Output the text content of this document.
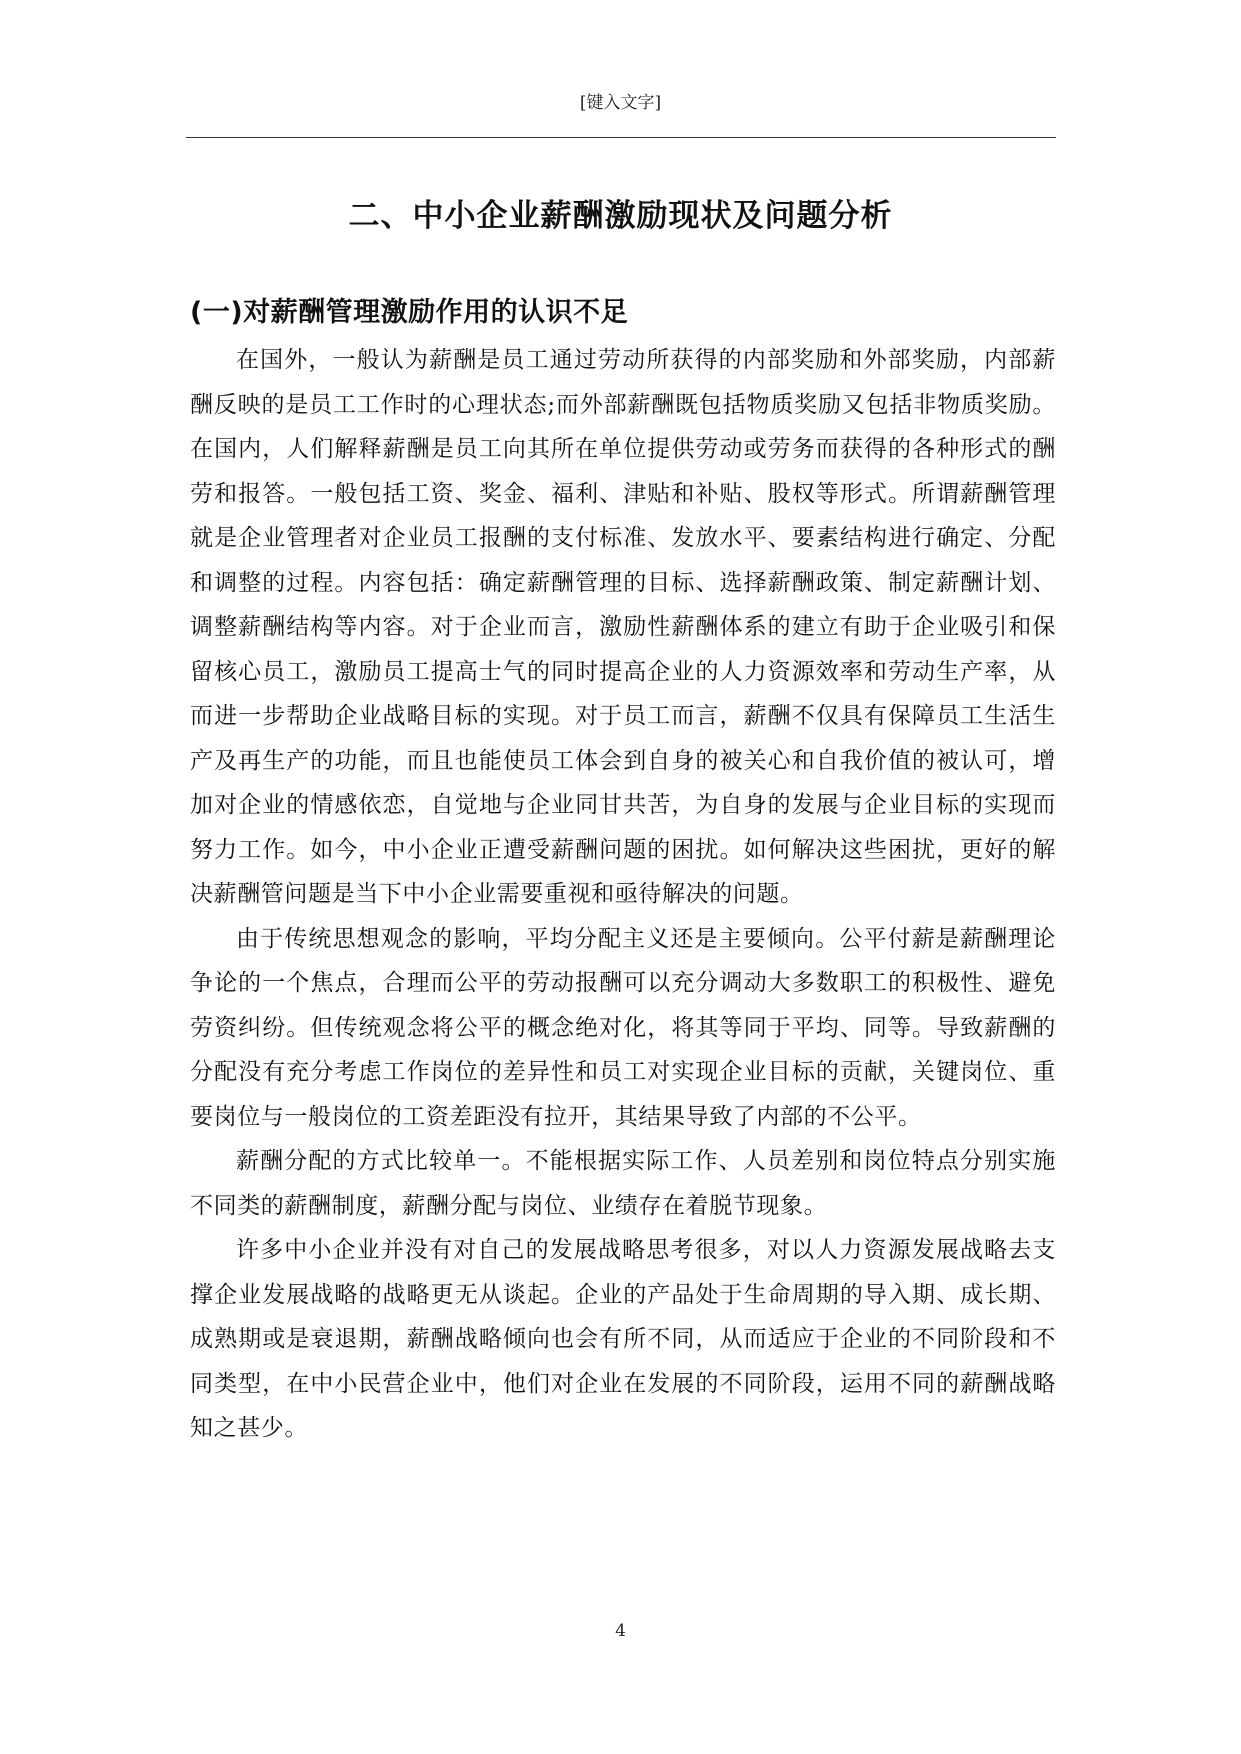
[键入文字]
二、中小企业薪酬激励现状及问题分析
(一)对薪酬管理激励作用的认识不足

在国外，一般认为薪酬是员工通过劳动所获得的内部奖励和外部奖励，内部薪酬反映的是员工工作时的心理状态;而外部薪酬既包括物质奖励又包括非物质奖励。在国内，人们解释薪酬是员工向其所在单位提供劳动或劳务而获得的各种形式的酬劳和报答。一般包括工资、奖金、福利、津贴和补贴、股权等形式。所谓薪酬管理就是企业管理者对企业员工报酬的支付标准、发放水平、要素结构进行确定、分配和调整的过程。内容包括：确定薪酬管理的目标、选择薪酬政策、制定薪酬计划、调整薪酬结构等内容。对于企业而言，激励性薪酬体系的建立有助于企业吸引和保留核心员工，激励员工提高士气的同时提高企业的人力资源效率和劳动生产率，从而进一步帮助企业战略目标的实现。对于员工而言，薪酬不仅具有保障员工生活生产及再生产的功能，而且也能使员工体会到自身的被关心和自我价值的被认可，增加对企业的情感依恋，自觉地与企业同甘共苦，为自身的发展与企业目标的实现而努力工作。如今，中小企业正遭受薪酬问题的困扰。如何解决这些困扰，更好的解决薪酬管问题是当下中小企业需要重视和亟待解决的问题。

由于传统思想观念的影响，平均分配主义还是主要倾向。公平付薪是薪酬理论争论的一个焦点，合理而公平的劳动报酬可以充分调动大多数职工的积极性、避免劳资纠纷。但传统观念将公平的概念绝对化，将其等同于平均、同等。导致薪酬的分配没有充分考虑工作岗位的差异性和员工对实现企业目标的贡献，关键岗位、重要岗位与一般岗位的工资差距没有拉开，其结果导致了内部的不公平。

薪酬分配的方式比较单一。不能根据实际工作、人员差别和岗位特点分别实施不同类的薪酬制度，薪酬分配与岗位、业绩存在着脱节现象。

许多中小企业并没有对自己的发展战略思考很多，对以人力资源发展战略去支撑企业发展战略的战略更无从谈起。企业的产品处于生命周期的导入期、成长期、成熟期或是衰退期，薪酬战略倾向也会有所不同，从而适应于企业的不同阶段和不同类型，在中小民营企业中，他们对企业在发展的不同阶段，运用不同的薪酬战略知之甚少。

4
